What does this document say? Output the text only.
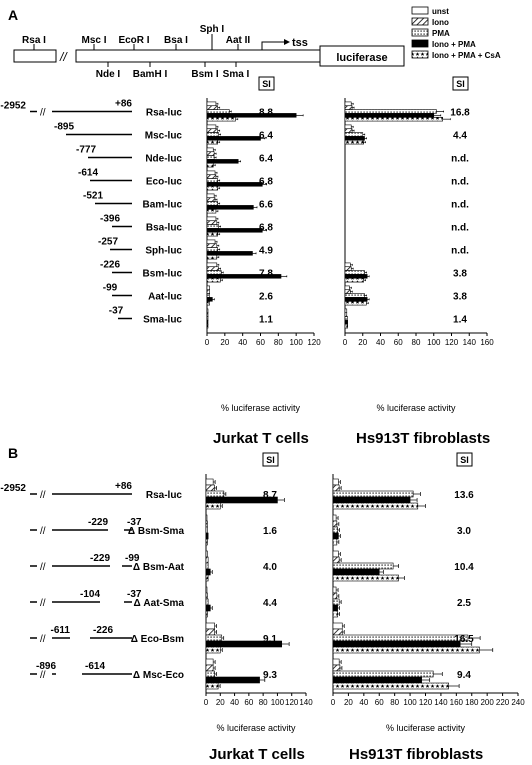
A
B
//	luciferase
tss
Rsa I	Msc I EcoR I Bsa I
Sph I
Aat II
Nde I BamH I Bsm I Sma I
unst
Iono
PMA
Iono + PMA
Iono + PMA + CsA
Jurkat T cells	Hs913T fibroblasts
Jurkat T cells	Hs913T fibroblasts
0 20 40 60 80 100 120
% luciferase activity
SI
8.8
6.4
6.4
6.8
6.6
6.8
4.9
7.8
2.6
1.1
//
-2952	+86
Rsa-luc
-895
Msc-luc
-777
Nde-luc
-614
Eco-luc
-521
Bam-luc
-396
Bsa-luc
-257
Sph-luc
-226
Bsm-luc
-99
Aat-luc
-37
Sma-luc
0 20 40 60 80 100 120 140 160
% luciferase activity
SI
16.8
4.4
n.d.
n.d.
n.d.
n.d.
n.d.
3.8
3.8
1.4
0 20 40 60 80 100 120 140
% luciferase activity
SI
8.7
1.6
4.0
4.4
9.1
9.3
//
-2952	+86
Rsa-luc
//
-229 -37
Δ Bsm-Sma
//
-229 -99
Δ Bsm-Aat
//
-104	-37
Δ Aat-Sma
//
-611 -226
Δ Eco-Bsm
//
-896	-614
Δ Msc-Eco
0 20 40 60 80 100 120 140 160 180 200 220 240
% luciferase activity
SI
13.6
3.0
10.4
2.5
16.5
9.4
